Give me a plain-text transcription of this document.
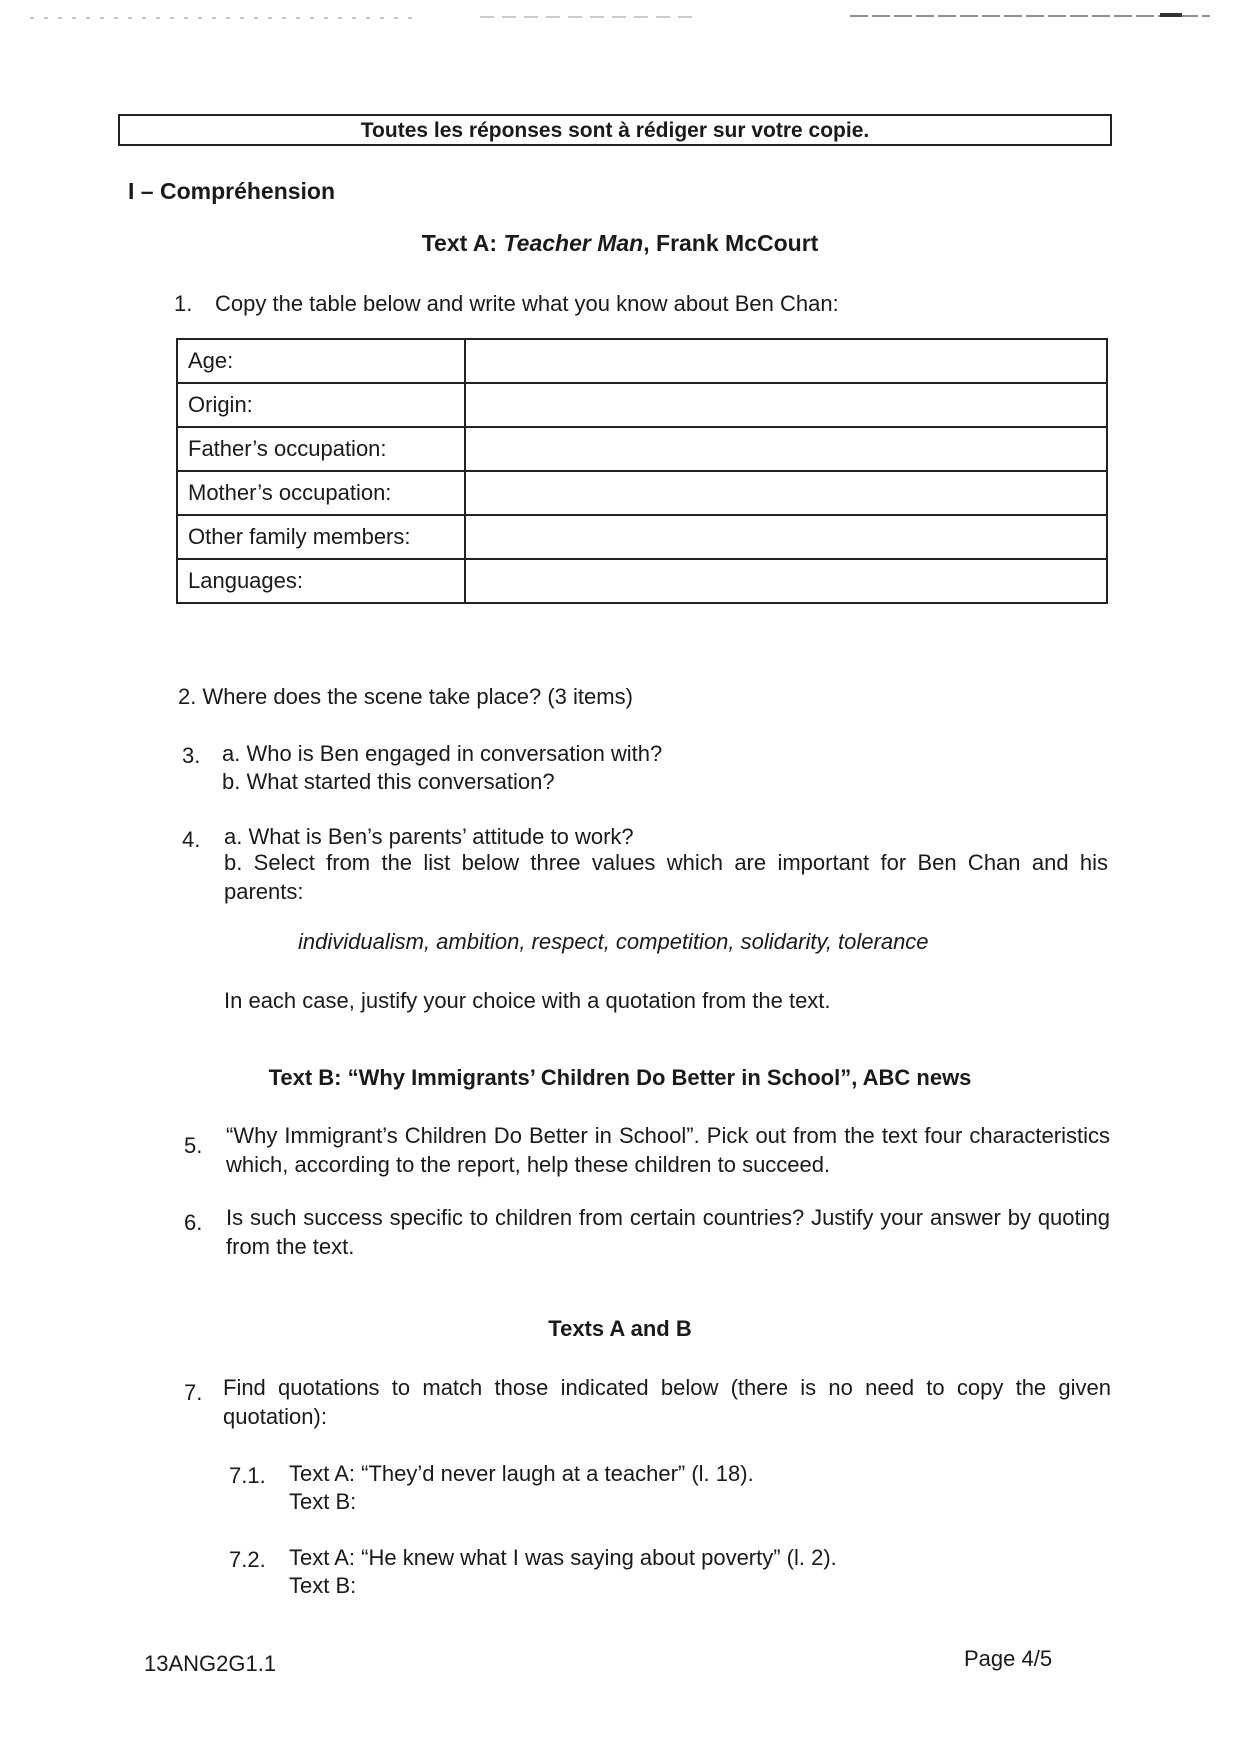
Toutes les réponses sont à rédiger sur votre copie.
I – Compréhension
Text A: Teacher Man, Frank McCourt
1. Copy the table below and write what you know about Ben Chan:
Age:	
Origin:	
Father’s occupation:	
Mother’s occupation:	
Other family members:	
Languages:	
2. Where does the scene take place? (3 items)
3. a. Who is Ben engaged in conversation with?
b. What started this conversation?
4. a. What is Ben’s parents’ attitude to work?
b. Select from the list below three values which are important for Ben Chan and his parents:
individualism, ambition, respect, competition, solidarity, tolerance
In each case, justify your choice with a quotation from the text.
Text B: “Why Immigrants’ Children Do Better in School”, ABC news
5. “Why Immigrant’s Children Do Better in School”. Pick out from the text four characteristics which, according to the report, help these children to succeed.
6. Is such success specific to children from certain countries? Justify your answer by quoting from the text.
Texts A and B
7. Find quotations to match those indicated below (there is no need to copy the given quotation):
7.1. Text A: “They’d never laugh at a teacher” (l. 18).
Text B:
7.2. Text A: “He knew what I was saying about poverty” (l. 2).
Text B:
13ANG2G1.1	Page 4/5
